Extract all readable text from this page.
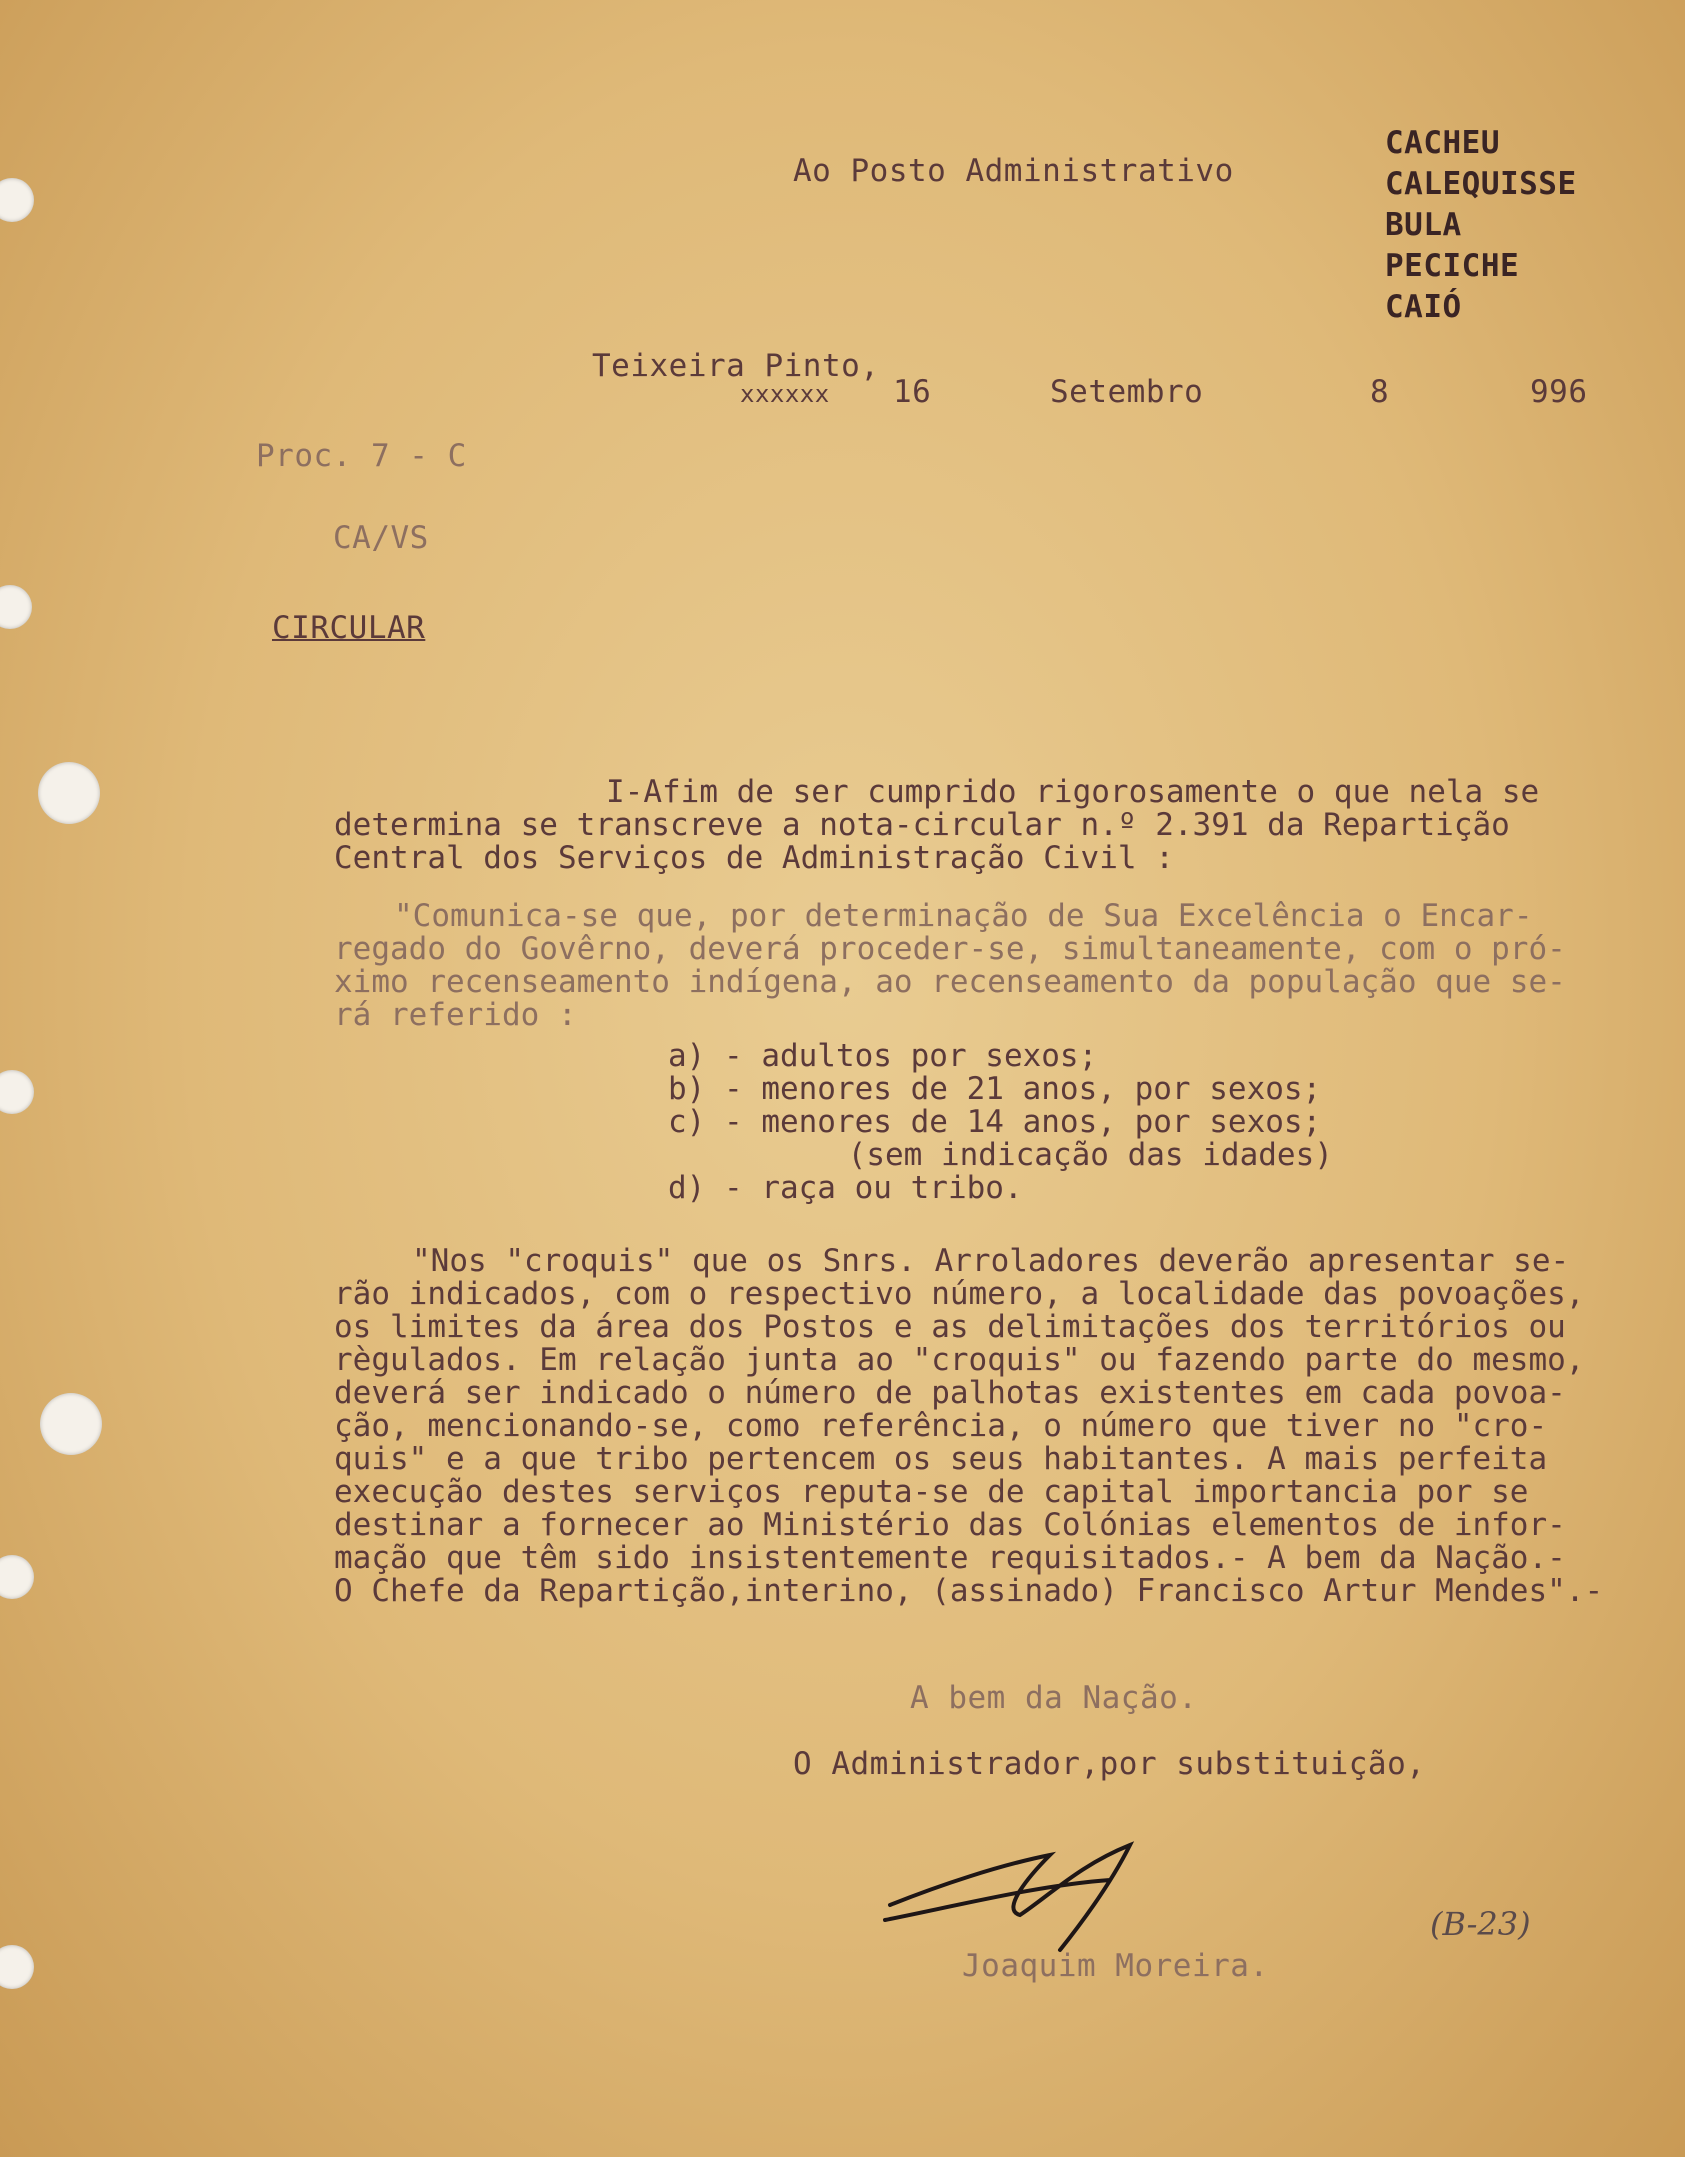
Ao Posto Administrativo
CACHEU
CALEQUISSE
BULA
PECICHE
CAIÓ
Teixeira Pinto,
xxxxxx 16	Setembro	8	996
Proc. 7 - C
CA/VS
CIRCULAR
I-Afim de ser cumprido rigorosamente o que nela se
determina se transcreve a nota-circular n.º 2.391 da Repartição
Central dos Serviços de Administração Civil :
"Comunica-se que, por determinação de Sua Excelência o Encar-
regado do Govêrno, deverá proceder-se, simultaneamente, com o pró-
ximo recenseamento indígena, ao recenseamento da população que se-
rá referido :
a) - adultos por sexos;
b) - menores de 21 anos, por sexos;
c) - menores de 14 anos, por sexos;
(sem indicação das idades)
d) - raça ou tribo.
"Nos "croquis" que os Snrs. Arroladores deverão apresentar se-
rão indicados, com o respectivo número, a localidade das povoações,
os limites da área dos Postos e as delimitações dos territórios ou
règulados. Em relação junta ao "croquis" ou fazendo parte do mesmo,
deverá ser indicado o número de palhotas existentes em cada povoa-
ção, mencionando-se, como referência, o número que tiver no "cro-
quis" e a que tribo pertencem os seus habitantes. A mais perfeita
execução destes serviços reputa-se de capital importancia por se
destinar a fornecer ao Ministério das Colónias elementos de infor-
mação que têm sido insistentemente requisitados.- A bem da Nação.-
O Chefe da Repartição,interino, (assinado) Francisco Artur Mendes".-
A bem da Nação.
O Administrador,por substituição,
Joaquim Moreira.
(B-23)
